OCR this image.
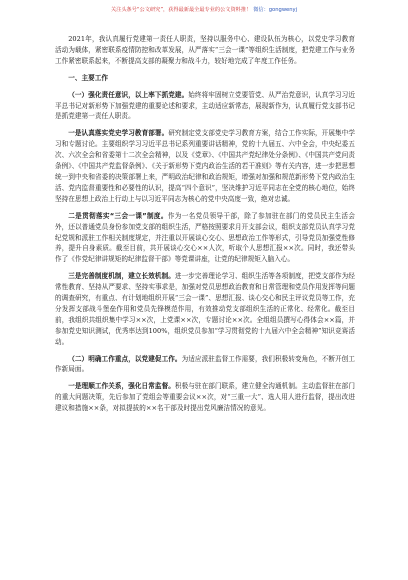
关注头条号“公文研究”，获得最新最全最专业的公文资料推！ 微信：gongwenyj

2021年，我认真履行党建第一责任人职责，坚持以服务中心、建设队伍为核心，以党史学习教育活动为载体，紧密联系疫情防控和改革发展，从严落实“三会一课”等组织生活制度，把党建工作与业务工作紧密联系起来，不断提高支部的凝聚力和战斗力，较好地完成了年度工作任务。

一、主要工作

（一）强化责任意识，以上率下抓党建。始终将牢固树立党要管党、从严治党意识，认真学习习近平总书记对新形势下加强党建的重要论述和要求，主动适应新常态，展现新作为，认真履行党支部书记是抓党建第一责任人职责。

一是认真落实党史学习教育部署。研究制定党支部党史学习教育方案，结合工作实际，开展集中学习和专题讨论。主要组织学习习近平总书记系列重要讲话精神，党的十九届五、六中全会，中央纪委五次、六次全会和省委第十二次全会精神，以及《党章》、《中国共产党纪律处分条例》、《中国共产党问责条例》、《中国共产党监督条例》、《关于新形势下党内政治生活的若干准则》等有关内容，进一步把思想统一到中央和省委的决策部署上来，严明政治纪律和政治规矩，增强对加强和规范新形势下党内政治生活、党内监督重要性和必要性的认识，提高“四个意识”，坚决维护习近平同志在全党的核心地位，始终坚持在思想上政治上行动上与以习近平同志为核心的党中央高度一致，绝对忠诚。

二是贯彻落实“三会一课”制度。作为一名党员领导干部，除了参加驻在部门的党员民主生活会外，还以普通党员身份参加党支部的组织生活，严格按照要求月开支部会议，组织支部党员认真学习党纪党规和派驻工作相关制度规定，并注重以开展谈心交心、思想政治工作等形式，引导党员加强党性修养，提升自身素质。截至目前，共开展谈心交心××人次，听取个人思想汇报××次。同时，我还带头作了《作党纪律讲规矩的纪律监督干部》等党课讲座，让党的纪律规矩入脑入心。

三是完善制度机制，建立长效机制。进一步完善理论学习、组织生活等各项制度，把党支部作为经常性教育、坚持从严要求、坚持实事求是，加强对党员思想政治教育和日常管理和党员作用发挥等问题的调查研究，有重点、有计划地组织开展“三会一课”、思想汇报、谈心交心和民主评议党员等工作，充分发挥支部战斗堡垒作用和党员先锋模范作用，有效推动党支部组织生活的正常化、经常化。截至目前，我组织共组织集中学习××次，上党课××次，专题讨论××次。全组组员撰写心得体会××篇，并参加党史知识测试，优秀率达到100%，组织党员参加“学习贯彻党的十九届六中全会精神”知识竞赛活动。

（二）明确工作重点，以党建促工作。为适应派驻监督工作需要，我们积极转变角色，不断开创工作新局面。

一是理顺工作关系，强化日常监督。积极与驻在部门联系，建立健全沟通机制。主动监督驻在部门的重大问题决策，先后参加了党组会等重要会议××次，对“三重一大”、选人用人进行监督，提出改进建议和措施××条，对拟提拔的××名干部及时提出党风廉洁情况的意见。
